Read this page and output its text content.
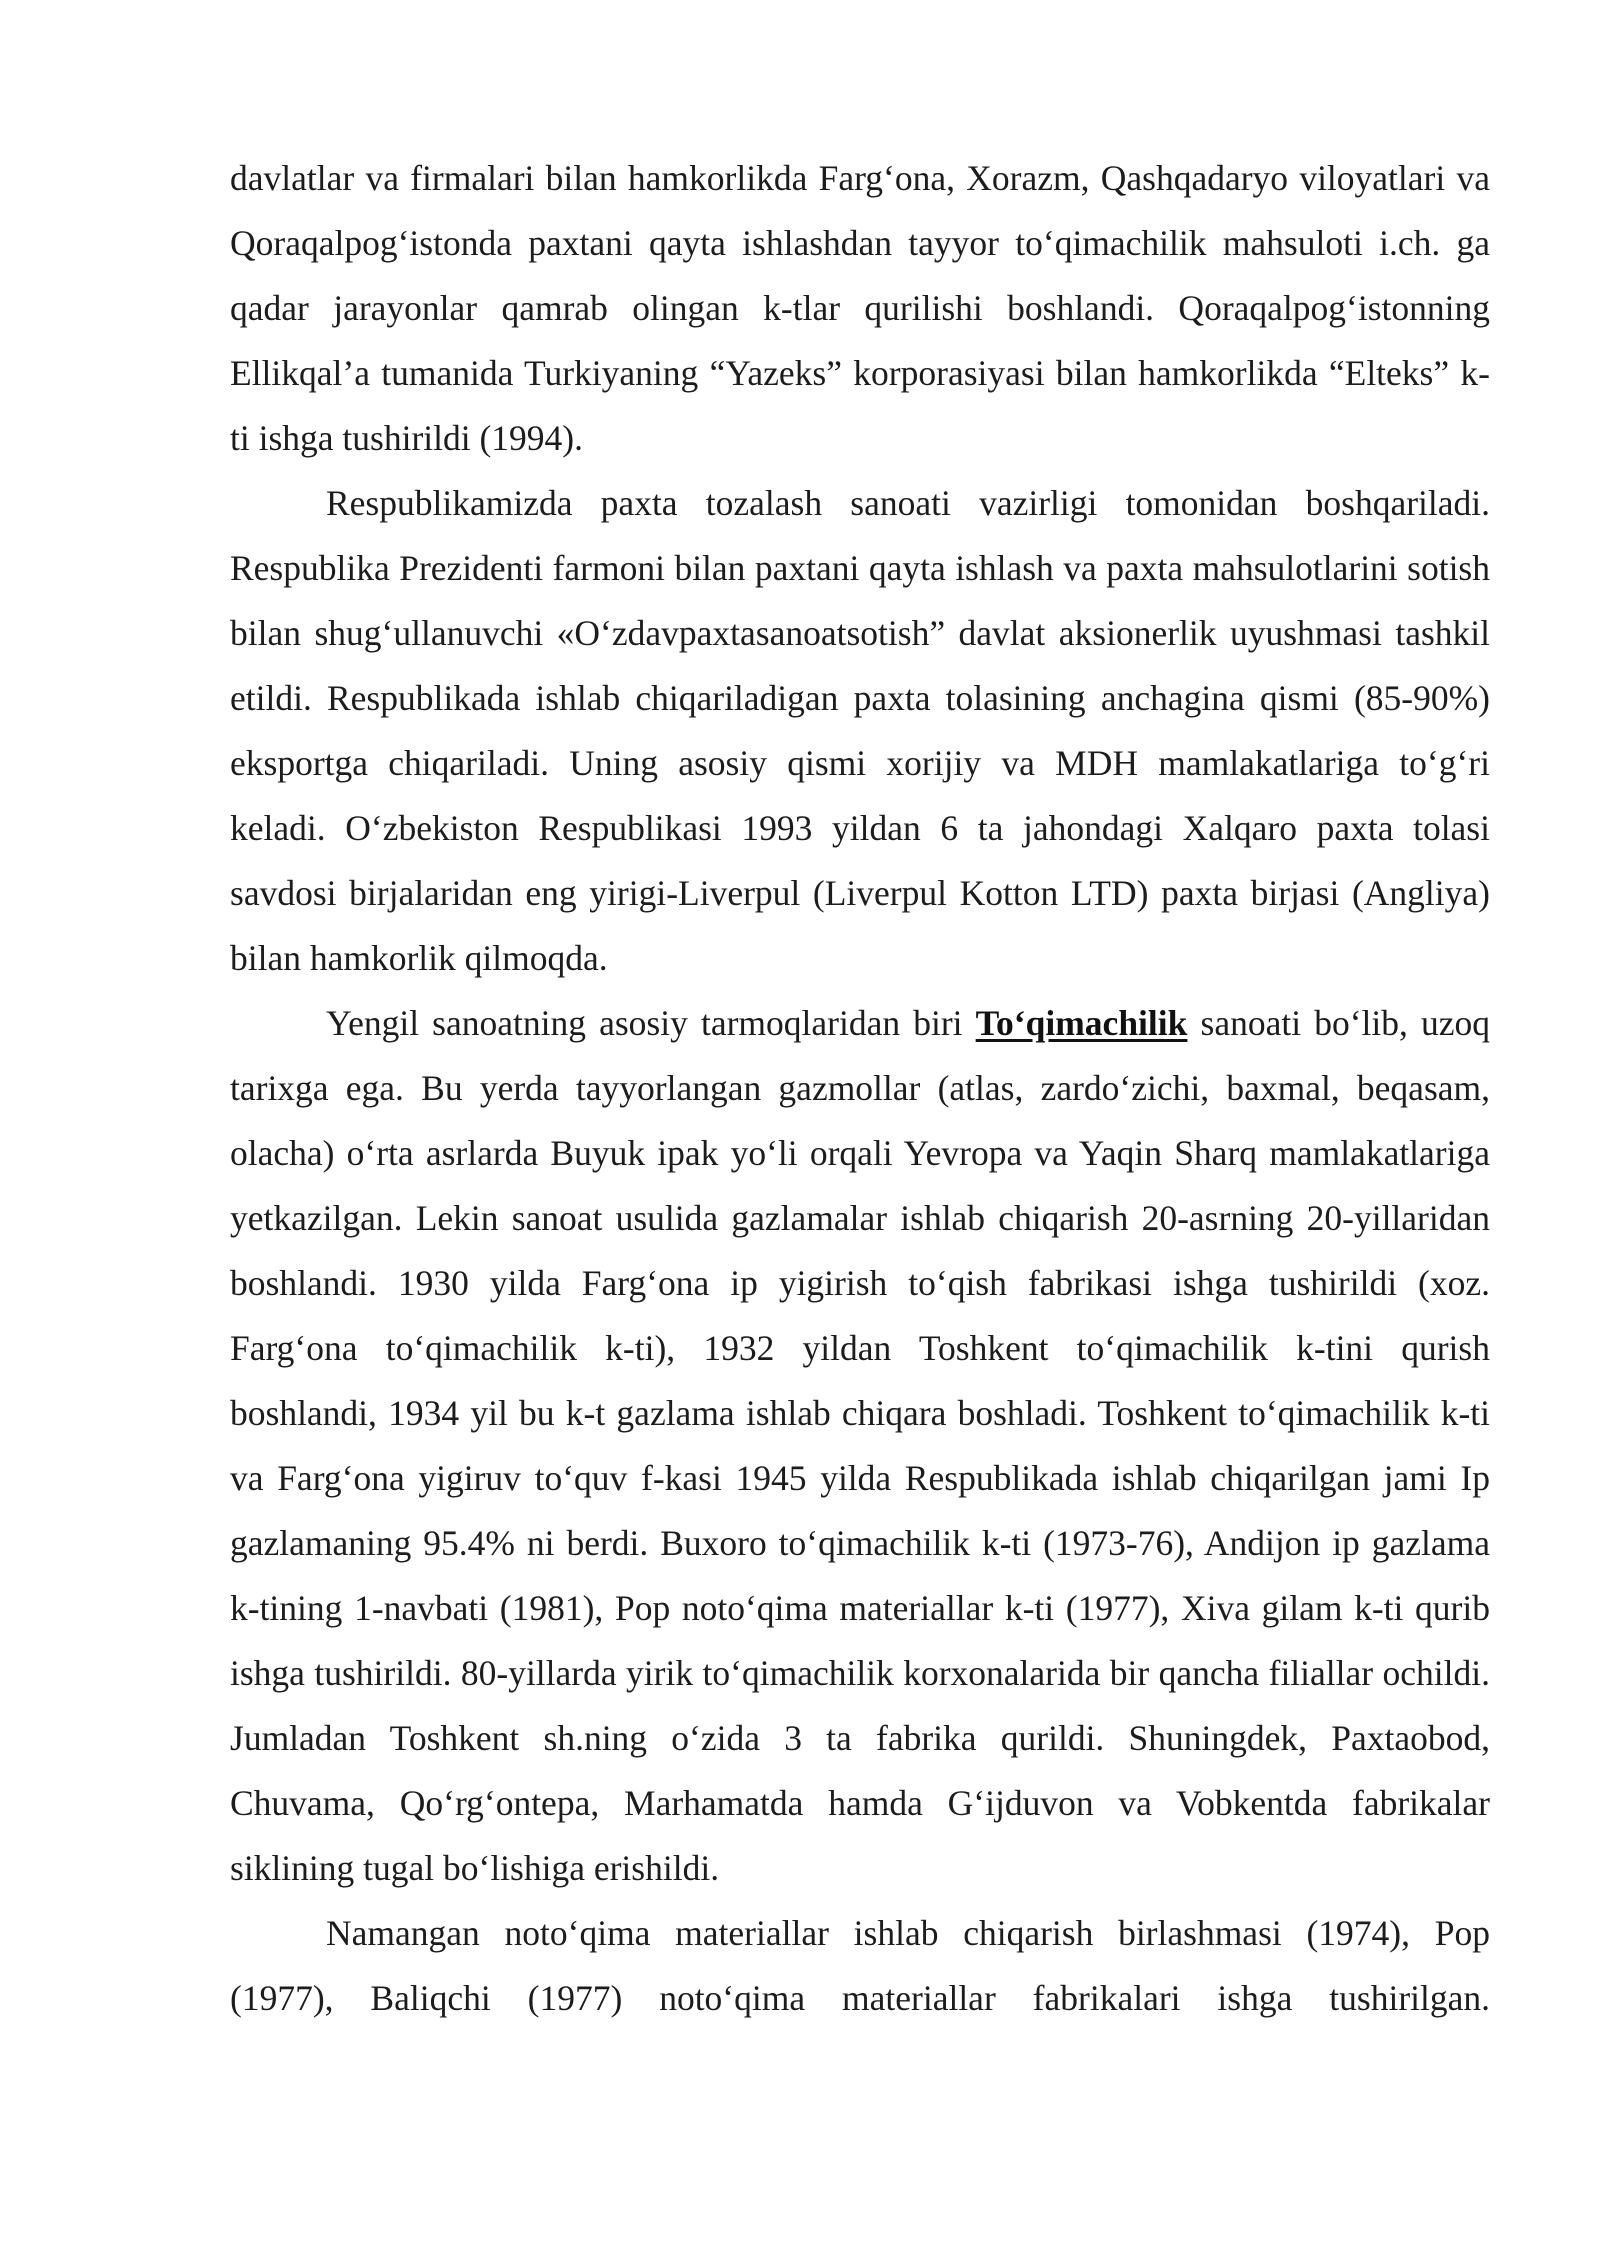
davlatlar va firmalari bilan hamkorlikda Farg‘ona, Xorazm, Qashqadaryo viloyatlari va Qoraqalpog‘istonda paxtani qayta ishlashdan tayyor to‘qimachilik mahsuloti i.ch. ga qadar jarayonlar qamrab olingan k-tlar qurilishi boshlandi. Qoraqalpog‘istonning Ellikqal’a tumanida Turkiyaning “Yazeks” korporasiyasi bilan hamkorlikda “Elteks” k-ti ishga tushirildi (1994).

Respublikamizda paxta tozalash sanoati vazirligi tomonidan boshqariladi. Respublika Prezidenti farmoni bilan paxtani qayta ishlash va paxta mahsulotlarini sotish bilan shug‘ullanuvchi «O‘zdavpaxtasanoatsotish” davlat aksionerlik uyushmasi tashkil etildi. Respublikada ishlab chiqariladigan paxta tolasining anchagina qismi (85-90%) eksportga chiqariladi. Uning asosiy qismi xorijiy va MDH mamlakatlariga to‘g‘ri keladi. O‘zbekiston Respublikasi 1993 yildan 6 ta jahondagi Xalqaro paxta tolasi savdosi birjalaridan eng yirigi-Liverpul (Liverpul Kotton LTD) paxta birjasi (Angliya) bilan hamkorlik qilmoqda.

Yengil sanoatning asosiy tarmoqlaridan biri To‘qimachilik sanoati bo‘lib, uzoq tarixga ega. Bu yerda tayyorlangan gazmollar (atlas, zardo‘zichi, baxmal, beqasam, olacha) o‘rta asrlarda Buyuk ipak yo‘li orqali Yevropa va Yaqin Sharq mamlakatlariga yetkazilgan. Lekin sanoat usulida gazlamalar ishlab chiqarish 20-asrning 20-yillaridan boshlandi. 1930 yilda Farg‘ona ip yigirish to‘qish fabrikasi ishga tushirildi (xoz. Farg‘ona to‘qimachilik k-ti), 1932 yildan Toshkent to‘qimachilik k-tini qurish boshlandi, 1934 yil bu k-t gazlama ishlab chiqara boshladi. Toshkent to‘qimachilik k-ti va Farg‘ona yigiruv to‘quv f-kasi 1945 yilda Respublikada ishlab chiqarilgan jami Ip gazlamaning 95.4% ni berdi. Buxoro to‘qimachilik k-ti (1973-76), Andijon ip gazlama k-tining 1-navbati (1981), Pop noto‘qima materiallar k-ti (1977), Xiva gilam k-ti qurib ishga tushirildi. 80-yillarda yirik to‘qimachilik korxonalarida bir qancha filiallar ochildi. Jumladan Toshkent sh.ning o‘zida 3 ta fabrika qurildi. Shuningdek, Paxtaobod, Chuvama, Qo‘rg‘ontepa, Marhamatda hamda G‘ijduvon va Vobkentda fabrikalar siklining tugal bo‘lishiga erishildi.

Namangan noto‘qima materiallar ishlab chiqarish birlashmasi (1974), Pop (1977), Baliqchi (1977) noto‘qima materiallar fabrikalari ishga tushirilgan.
